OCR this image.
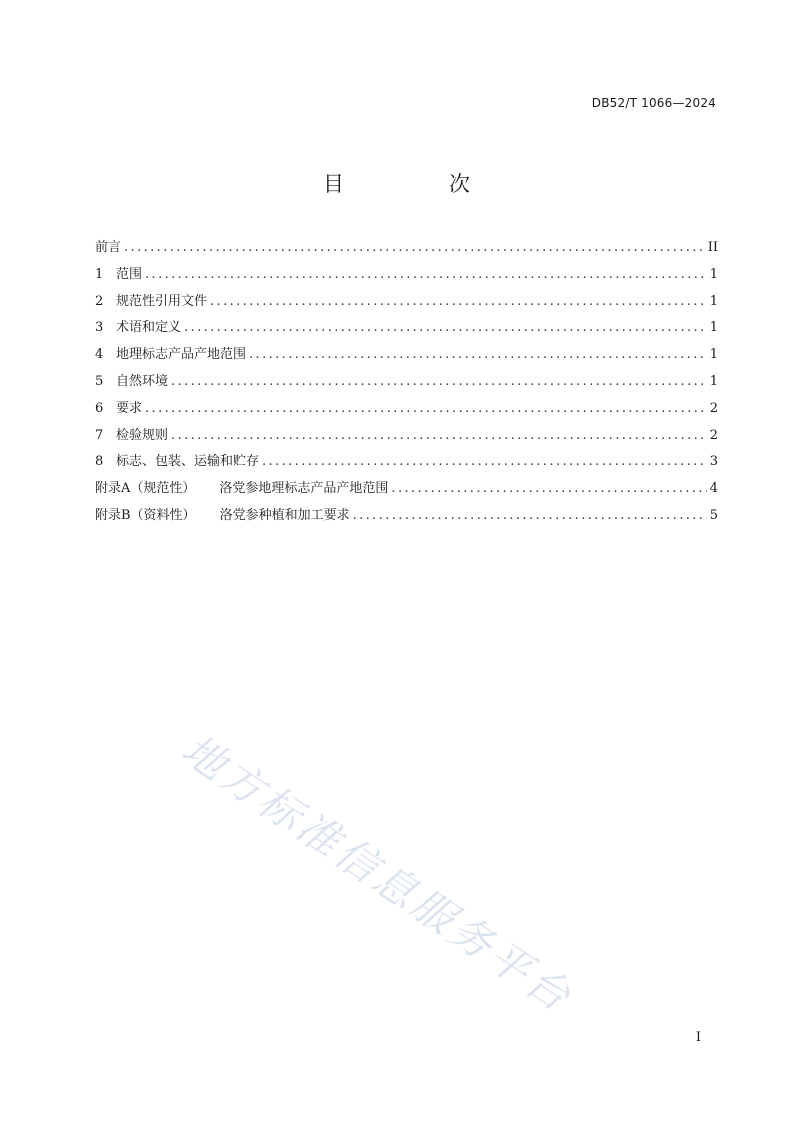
DB52/T 1066—2024
目　次
前言 .....	II
1 范围 .....	1
2 规范性引用文件 .....	1
3 术语和定义 .....	1
4 地理标志产品产地范围 .....	1
5 自然环境 .....	1
6 要求 .....	2
7 检验规则 .....	2
8 标志、包装、运输和贮存 .....	3
附录A（规范性） 洛党参地理标志产品产地范围 .....	4
附录B（资料性） 洛党参种植和加工要求 .....	5
地方标准信息服务平台
I
